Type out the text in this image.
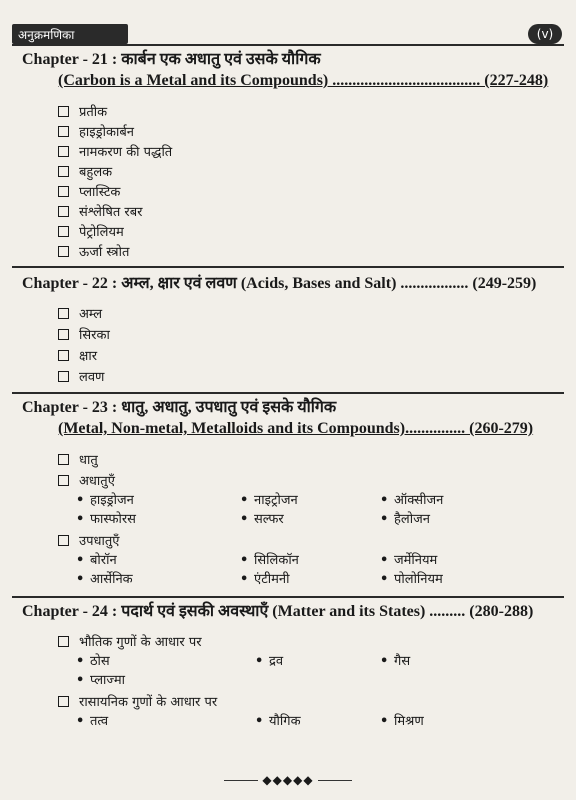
अनुक्रमणिका	(v)
Chapter - 21 : कार्बन एक अधातु एवं उसके यौगिक
(Carbon is a Metal and its Compounds) ..................................... (227-248)
प्रतीक
हाइड्रोकार्बन
नामकरण की पद्धति
बहुलक
प्लास्टिक
संश्लेषित रबर
पेट्रोलियम
ऊर्जा स्त्रोत
Chapter - 22 : अम्ल, क्षार एवं लवण (Acids, Bases and Salt) ................. (249-259)
अम्ल
सिरका
क्षार
लवण
Chapter - 23 : धातु, अधातु, उपधातु एवं इसके यौगिक
(Metal, Non-metal, Metalloids and its Compounds)............... (260-279)
धातु
अधातुएँ
• हाइड्रोजन	• नाइट्रोजन	• ऑक्सीजन
• फास्फोरस	• सल्फर	• हैलोजन
उपधातुएँ
• बोरॉन	• सिलिकॉन	• जर्मेनियम
• आर्सेनिक	• एंटीमनी	• पोलोनियम
Chapter - 24 : पदार्थ एवं इसकी अवस्थाएँ (Matter and its States) ......... (280-288)
भौतिक गुणों के आधार पर
• ठोस	• द्रव	• गैस
• प्लाज्मा
रासायनिक गुणों के आधार पर
• तत्व	• यौगिक	• मिश्रण
◆◆◆◆◆
